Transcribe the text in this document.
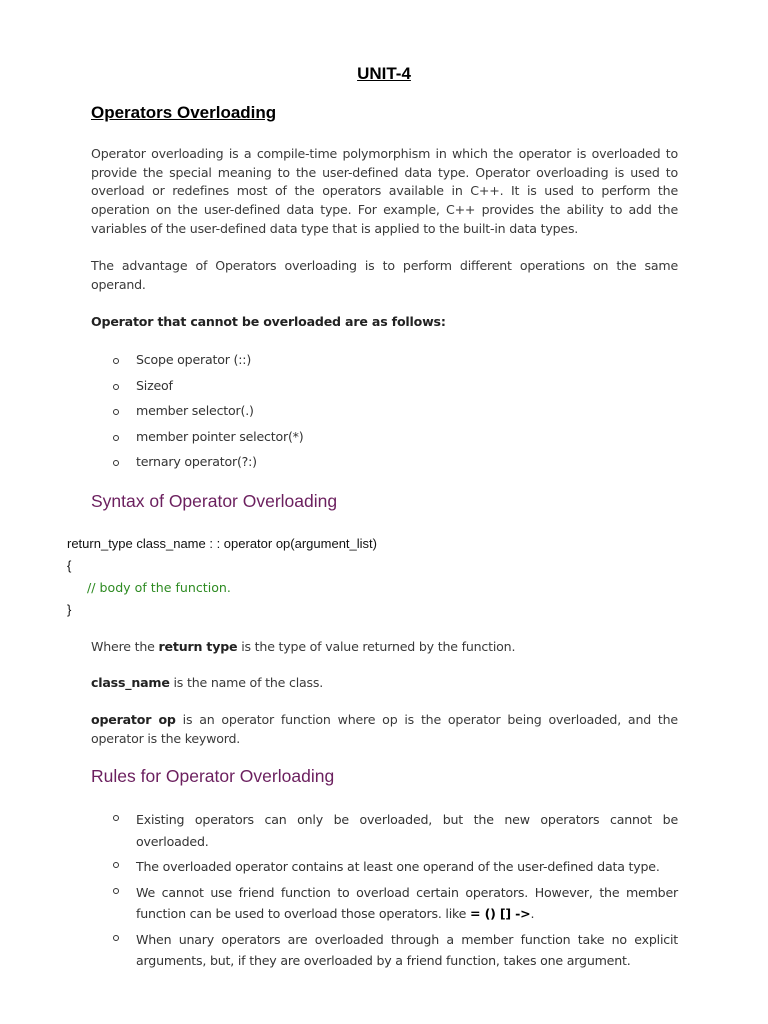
UNIT-4
Operators Overloading
Operator overloading is a compile-time polymorphism in which the operator is overloaded to provide the special meaning to the user-defined data type. Operator overloading is used to overload or redefines most of the operators available in C++. It is used to perform the operation on the user-defined data type. For example, C++ provides the ability to add the variables of the user-defined data type that is applied to the built-in data types.
The advantage of Operators overloading is to perform different operations on the same operand.
Operator that cannot be overloaded are as follows:
Scope operator (::)
Sizeof
member selector(.)
member pointer selector(*)
ternary operator(?:)
Syntax of Operator Overloading
return_type class_name : : operator op(argument_list)
{
// body of the function.
}
Where the return type is the type of value returned by the function.
class_name is the name of the class.
operator op is an operator function where op is the operator being overloaded, and the operator is the keyword.
Rules for Operator Overloading
Existing operators can only be overloaded, but the new operators cannot be overloaded.
The overloaded operator contains at least one operand of the user-defined data type.
We cannot use friend function to overload certain operators. However, the member function can be used to overload those operators. like = () [] ->.
When unary operators are overloaded through a member function take no explicit arguments, but, if they are overloaded by a friend function, takes one argument.
